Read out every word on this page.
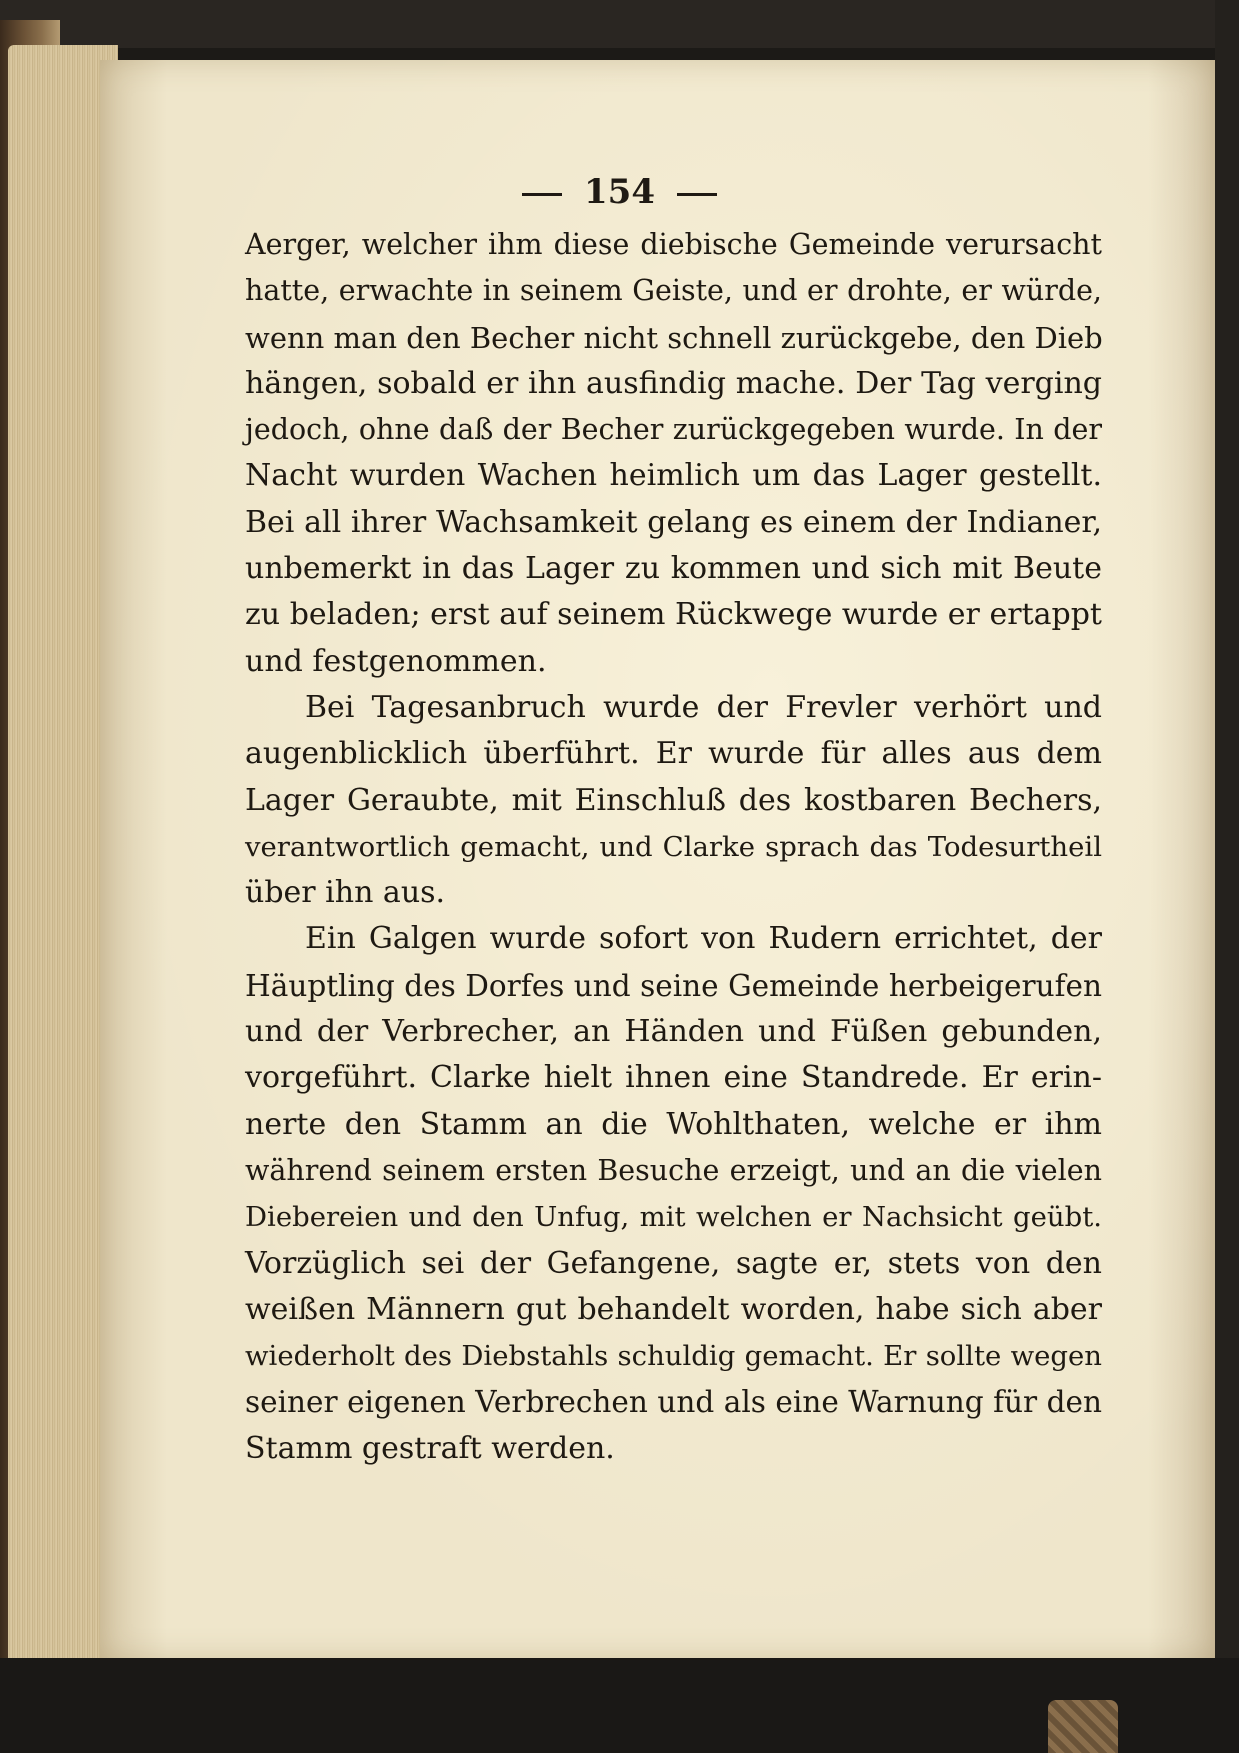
154
Aerger, welcher ihm diese diebische Gemeinde verursacht
hatte, erwachte in seinem Geiste, und er drohte, er würde,
wenn man den Becher nicht schnell zurückgebe, den Dieb
hängen, sobald er ihn ausfindig mache. Der Tag verging
jedoch, ohne daß der Becher zurückgegeben wurde. In der
Nacht wurden Wachen heimlich um das Lager gestellt.
Bei all ihrer Wachsamkeit gelang es einem der Indianer,
unbemerkt in das Lager zu kommen und sich mit Beute
zu beladen; erst auf seinem Rückwege wurde er ertappt
und festgenommen.
Bei Tagesanbruch wurde der Frevler verhört und
augenblicklich überführt. Er wurde für alles aus dem
Lager Geraubte, mit Einschluß des kostbaren Bechers,
verantwortlich gemacht, und Clarke sprach das Todesurtheil
über ihn aus.
Ein Galgen wurde sofort von Rudern errichtet, der
Häuptling des Dorfes und seine Gemeinde herbeigerufen
und der Verbrecher, an Händen und Füßen gebunden,
vorgeführt. Clarke hielt ihnen eine Standrede. Er erin-
nerte den Stamm an die Wohlthaten, welche er ihm
während seinem ersten Besuche erzeigt, und an die vielen
Diebereien und den Unfug, mit welchen er Nachsicht geübt.
Vorzüglich sei der Gefangene, sagte er, stets von den
weißen Männern gut behandelt worden, habe sich aber
wiederholt des Diebstahls schuldig gemacht. Er sollte wegen
seiner eigenen Verbrechen und als eine Warnung für den
Stamm gestraft werden.
